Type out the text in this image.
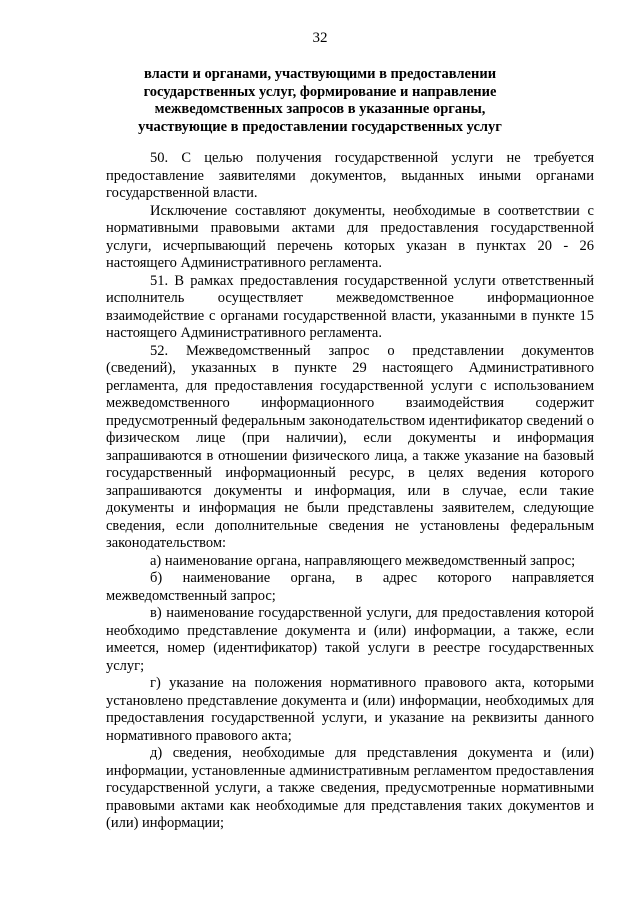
32
власти и органами, участвующими в предоставлении
государственных услуг, формирование и направление
межведомственных запросов в указанные органы,
участвующие в предоставлении государственных услуг

50. С целью получения государственной услуги не требуется предоставление заявителями документов, выданных иными органами государственной власти.

Исключение составляют документы, необходимые в соответствии с нормативными правовыми актами для предоставления государственной услуги, исчерпывающий перечень которых указан в пунктах 20 - 26 настоящего Административного регламента.

51. В рамках предоставления государственной услуги ответственный исполнитель осуществляет межведомственное информационное взаимодействие с органами государственной власти, указанными в пункте 15 настоящего Административного регламента.

52. Межведомственный запрос о представлении документов (сведений), указанных в пункте 29 настоящего Административного регламента, для предоставления государственной услуги с использованием межведомственного информационного взаимодействия содержит предусмотренный федеральным законодательством идентификатор сведений о физическом лице (при наличии), если документы и информация запрашиваются в отношении физического лица, а также указание на базовый государственный информационный ресурс, в целях ведения которого запрашиваются документы и информация, или в случае, если такие документы и информация не были представлены заявителем, следующие сведения, если дополнительные сведения не установлены федеральным законодательством:

а) наименование органа, направляющего межведомственный запрос;

б) наименование органа, в адрес которого направляется межведомственный запрос;

в) наименование государственной услуги, для предоставления которой необходимо представление документа и (или) информации, а также, если имеется, номер (идентификатор) такой услуги в реестре государственных услуг;

г) указание на положения нормативного правового акта, которыми установлено представление документа и (или) информации, необходимых для предоставления государственной услуги, и указание на реквизиты данного нормативного правового акта;

д) сведения, необходимые для представления документа и (или) информации, установленные административным регламентом предоставления государственной услуги, а также сведения, предусмотренные нормативными правовыми актами как необходимые для представления таких документов и (или) информации;
